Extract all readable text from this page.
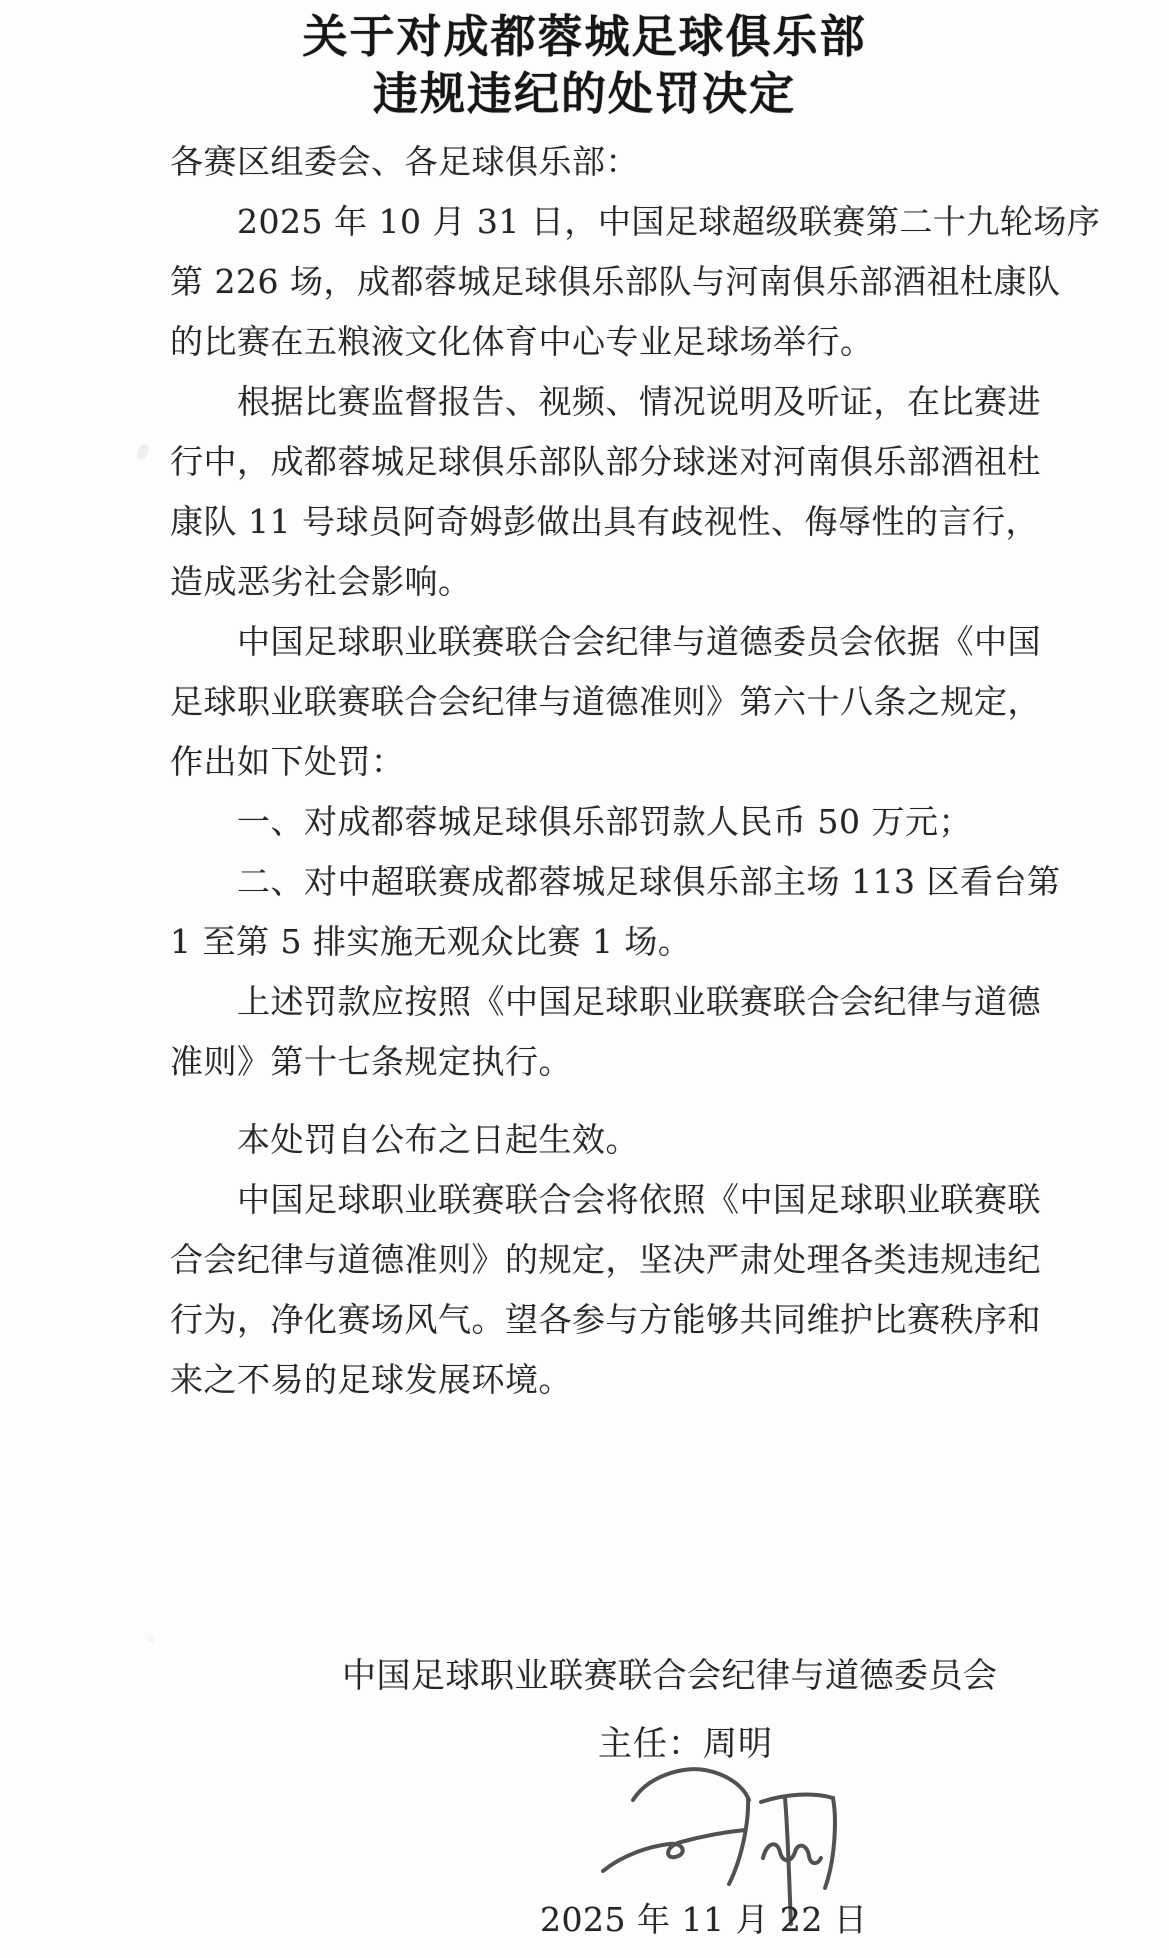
关于对成都蓉城足球俱乐部
违规违纪的处罚决定
各赛区组委会、各足球俱乐部：
2025 年 10 月 31 日，中国足球超级联赛第二十九轮场序
第 226 场，成都蓉城足球俱乐部队与河南俱乐部酒祖杜康队
的比赛在五粮液文化体育中心专业足球场举行。
根据比赛监督报告、视频、情况说明及听证，在比赛进
行中，成都蓉城足球俱乐部队部分球迷对河南俱乐部酒祖杜
康队 11 号球员阿奇姆彭做出具有歧视性、侮辱性的言行，
造成恶劣社会影响。
中国足球职业联赛联合会纪律与道德委员会依据《中国
足球职业联赛联合会纪律与道德准则》第六十八条之规定，
作出如下处罚：
一、对成都蓉城足球俱乐部罚款人民币 50 万元；
二、对中超联赛成都蓉城足球俱乐部主场 113 区看台第
1 至第 5 排实施无观众比赛 1 场。
上述罚款应按照《中国足球职业联赛联合会纪律与道德
准则》第十七条规定执行。
本处罚自公布之日起生效。
中国足球职业联赛联合会将依照《中国足球职业联赛联
合会纪律与道德准则》的规定，坚决严肃处理各类违规违纪
行为，净化赛场风气。望各参与方能够共同维护比赛秩序和
来之不易的足球发展环境。
中国足球职业联赛联合会纪律与道德委员会
主任：周明
2025 年 11 月 22 日
